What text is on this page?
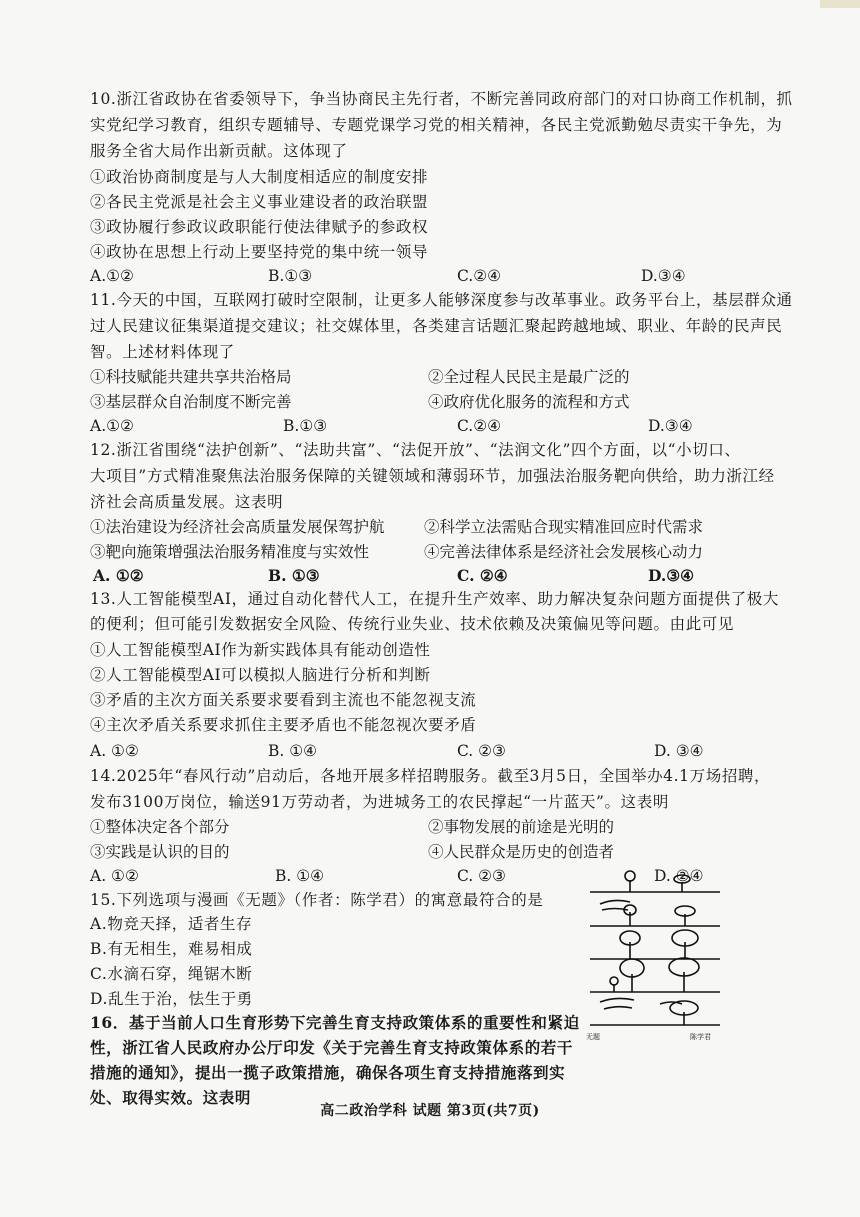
10.浙江省政协在省委领导下，争当协商民主先行者，不断完善同政府部门的对口协商工作机制，抓
实党纪学习教育，组织专题辅导、专题党课学习党的相关精神，各民主党派勤勉尽责实干争先，为
服务全省大局作出新贡献。这体现了
①政治协商制度是与人大制度相适应的制度安排
②各民主党派是社会主义事业建设者的政治联盟
③政协履行参政议政职能行使法律赋予的参政权
④政协在思想上行动上要坚持党的集中统一领导
A.①②	B.①③	C.②④	D.③④
11.今天的中国，互联网打破时空限制，让更多人能够深度参与改革事业。政务平台上，基层群众通
过人民建议征集渠道提交建议；社交媒体里，各类建言话题汇聚起跨越地域、职业、年龄的民声民
智。上述材料体现了
①科技赋能共建共享共治格局	②全过程人民民主是最广泛的
③基层群众自治制度不断完善	④政府优化服务的流程和方式
A.①②	B.①③	C.②④	D.③④
12.浙江省围绕“法护创新”、“法助共富”、“法促开放”、“法润文化”四个方面，以“小切口、
大项目”方式精准聚焦法治服务保障的关键领域和薄弱环节，加强法治服务靶向供给，助力浙江经
济社会高质量发展。这表明
①法治建设为经济社会高质量发展保驾护航	②科学立法需贴合现实精准回应时代需求
③靶向施策增强法治服务精准度与实效性	④完善法律体系是经济社会发展核心动力
A. ①②	B. ①③	C. ②④	D.③④
13.人工智能模型AI，通过自动化替代人工，在提升生产效率、助力解决复杂问题方面提供了极大
的便利；但可能引发数据安全风险、传统行业失业、技术依赖及决策偏见等问题。由此可见
①人工智能模型AI作为新实践体具有能动创造性
②人工智能模型AI可以模拟人脑进行分析和判断
③矛盾的主次方面关系要求要看到主流也不能忽视支流
④主次矛盾关系要求抓住主要矛盾也不能忽视次要矛盾
A. ①②	B. ①④	C. ②③	D. ③④
14.2025年“春风行动”启动后，各地开展多样招聘服务。截至3月5日，全国举办4.1万场招聘，
发布3100万岗位，输送91万劳动者，为进城务工的农民撑起“一片蓝天”。这表明
①整体决定各个部分	②事物发展的前途是光明的
③实践是认识的目的	④人民群众是历史的创造者
A. ①②	B. ①④	C. ②③	D. ②④
15.下列选项与漫画《无题》（作者：陈学君）的寓意最符合的是
A.物竞天择，适者生存
B.有无相生，难易相成
C.水滴石穿，绳锯木断
D.乱生于治，怯生于勇
无题	陈学君
16．基于当前人口生育形势下完善生育支持政策体系的重要性和紧迫
性，浙江省人民政府办公厅印发《关于完善生育支持政策体系的若干
措施的通知》，提出一揽子政策措施，确保各项生育支持措施落到实
处、取得实效。这表明
高二政治学科 试题 第3页(共7页)
